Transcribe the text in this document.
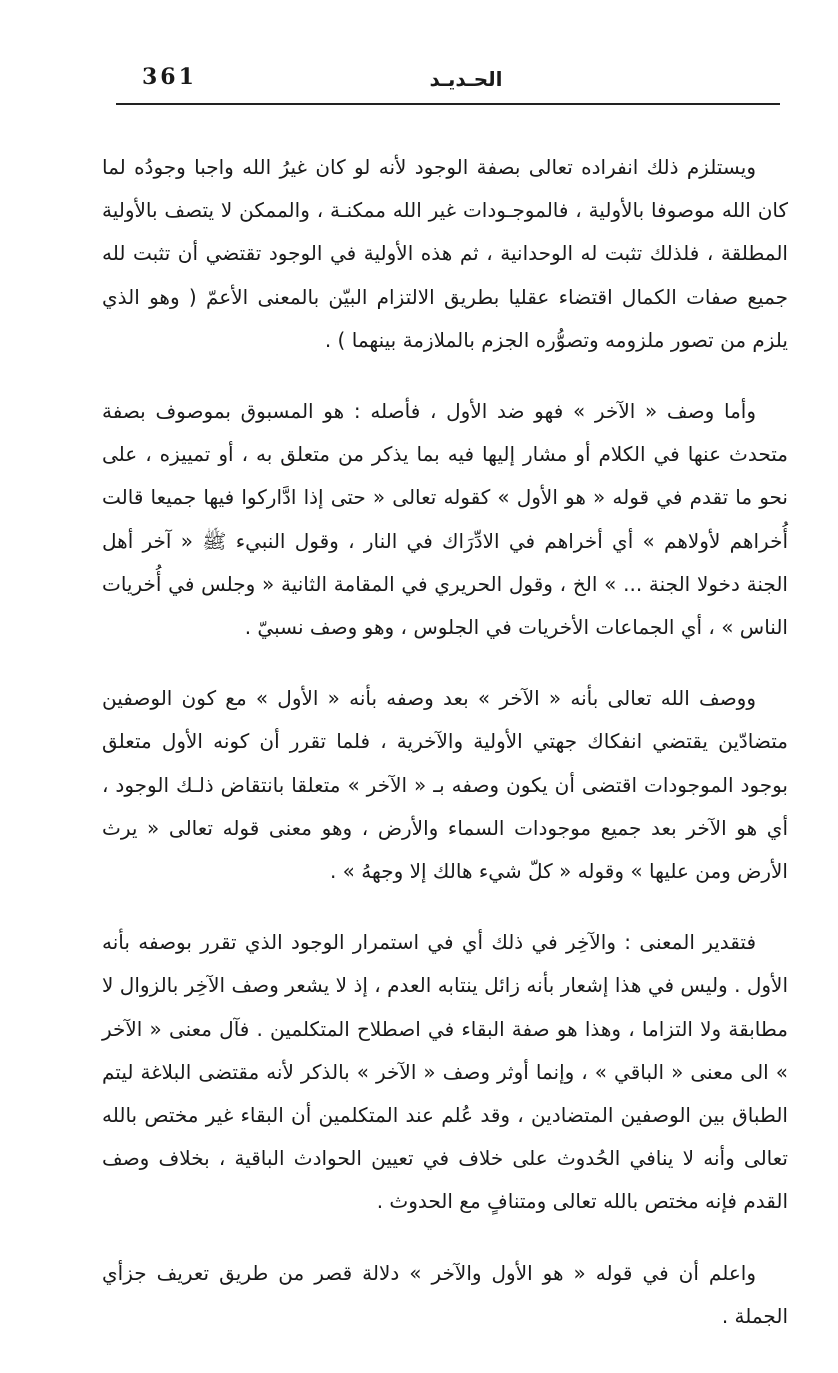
361	الحـديـد

ويستلزم ذلك انفراده تعالى بصفة الوجود لأنه لو كان غيرُ الله واجبا وجودُه لما كان الله موصوفا بالأولية ، فالموجـودات غير الله ممكنـة ، والممكن لا يتصف بالأولية المطلقة ، فلذلك تثبت له الوحدانية ، ثم هذه الأولية في الوجود تقتضي أن تثبت لله جميع صفات الكمال اقتضاء عقليا بطريق الالتزام البيّن بالمعنى الأعمّ ( وهو الذي يلزم من تصور ملزومه وتصوُّره الجزم بالملازمة بينهما ) .

وأما وصف « الآخر » فهو ضد الأول ، فأصله : هو المسبوق بموصوف بصفة متحدث عنها في الكلام أو مشار إليها فيه بما يذكر من متعلق به ، أو تمييزه ، على نحو ما تقدم في قوله « هو الأول » كقوله تعالى « حتى إذا ادَّاركوا فيها جميعا قالت أُخراهم لأولاهم » أي أخراهم في الادِّرَاك في النار ، وقول النبيء ﷺ « آخر أهل الجنة دخولا الجنة ... » الخ ، وقول الحريري في المقامة الثانية « وجلس في أُخريات الناس » ، أي الجماعات الأخريات في الجلوس ، وهو وصف نسبيّ .

ووصف الله تعالى بأنه « الآخر » بعد وصفه بأنه « الأول » مع كون الوصفين متضادّين يقتضي انفكاك جهتي الأولية والآخرية ، فلما تقرر أن كونه الأول متعلق بوجود الموجودات اقتضى أن يكون وصفه بـ « الآخر » متعلقا بانتقاض ذلـك الوجود ، أي هو الآخر بعد جميع موجودات السماء والأرض ، وهو معنى قوله تعالى « يرث الأرض ومن عليها » وقوله « كلّ شيء هالك إلا وجههُ » .

فتقدير المعنى : والآخِر في ذلك أي في استمرار الوجود الذي تقرر بوصفه بأنه الأول . وليس في هذا إشعار بأنه زائل ينتابه العدم ، إذ لا يشعر وصف الآخِر بالزوال لا مطابقة ولا التزاما ، وهذا هو صفة البقاء في اصطلاح المتكلمين . فآل معنى « الآخر » الى معنى « الباقي » ، وإنما أوثر وصف « الآخر » بالذكر لأنه مقتضى البلاغة ليتم الطباق بين الوصفين المتضادين ، وقد عُلم عند المتكلمين أن البقاء غير مختص بالله تعالى وأنه لا ينافي الحُدوث على خلاف في تعيين الحوادث الباقية ، بخلاف وصف القدم فإنه مختص بالله تعالى ومتنافٍ مع الحدوث .

واعلم أن في قوله « هو الأول والآخر » دلالة قصر من طريق تعريف جزأي الجملة .
